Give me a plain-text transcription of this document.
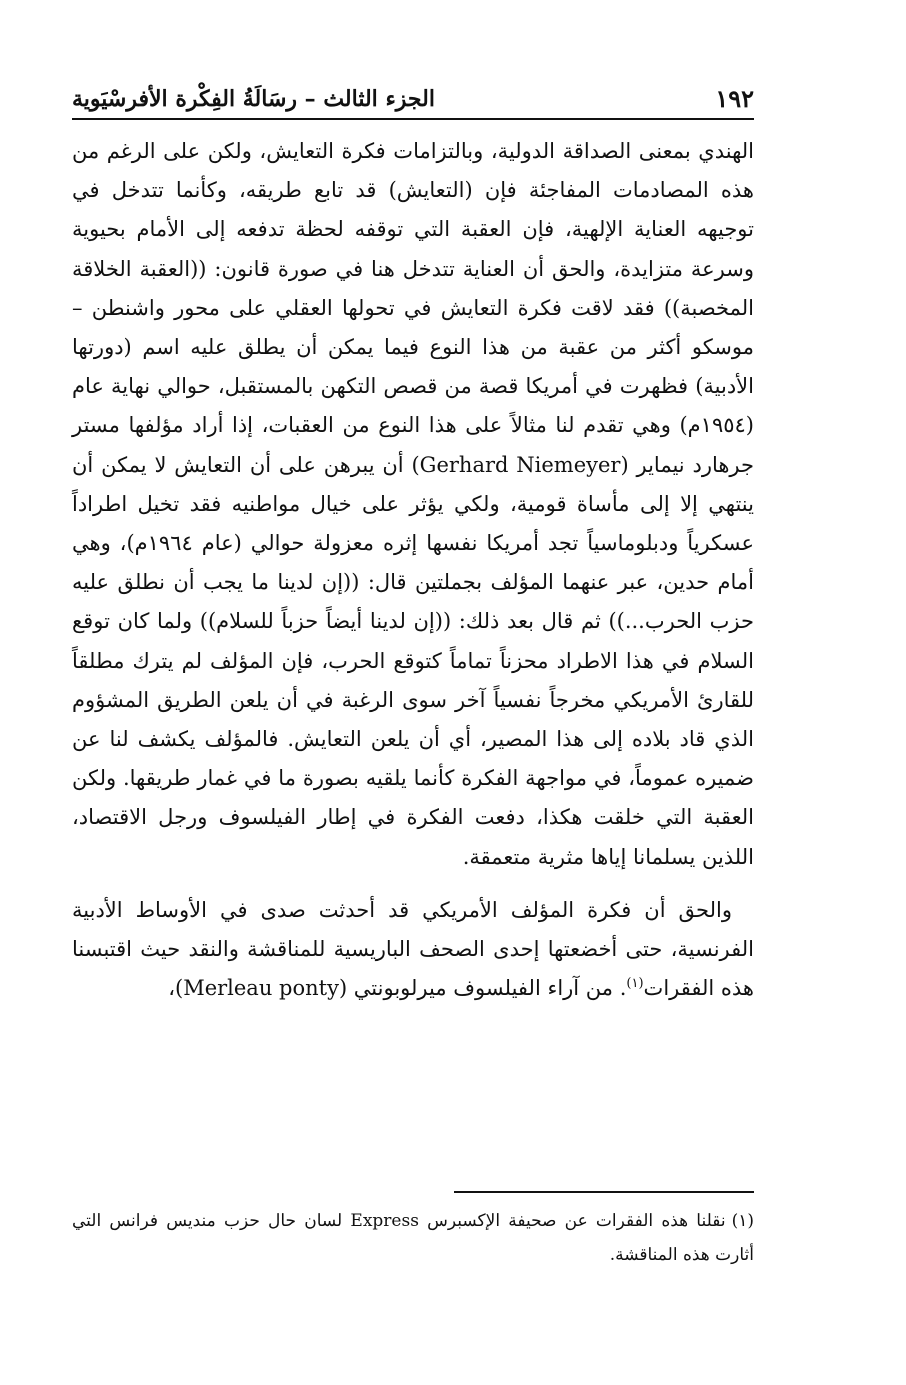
١٩٢
الجزء الثالث – رسَالَةُ الفِكْرة الأفرسْيَوية

الهندي بمعنى الصداقة الدولية، وبالتزامات فكرة التعايش، ولكن على الرغم من هذه المصادمات المفاجئة فإن (التعايش) قد تابع طريقه، وكأنما تتدخل في توجيهه العناية الإلهية، فإن العقبة التي توقفه لحظة تدفعه إلى الأمام بحيوية وسرعة متزايدة، والحق أن العناية تتدخل هنا في صورة قانون: ((العقبة الخلاقة المخصبة)) فقد لاقت فكرة التعايش في تحولها العقلي على محور واشنطن – موسكو أكثر من عقبة من هذا النوع فيما يمكن أن يطلق عليه اسم (دورتها الأدبية) فظهرت في أمريكا قصة من قصص التكهن بالمستقبل، حوالي نهاية عام (١٩٥٤م) وهي تقدم لنا مثالاً على هذا النوع من العقبات، إذا أراد مؤلفها مستر جرهارد نيماير (Gerhard Niemeyer) أن يبرهن على أن التعايش لا يمكن أن ينتهي إلا إلى مأساة قومية، ولكي يؤثر على خيال مواطنيه فقد تخيل اطراداً عسكرياً ودبلوماسياً تجد أمريكا نفسها إثره معزولة حوالي (عام ١٩٦٤م)، وهي أمام حدين، عبر عنهما المؤلف بجملتين قال: ((إن لدينا ما يجب أن نطلق عليه حزب الحرب...)) ثم قال بعد ذلك: ((إن لدينا أيضاً حزباً للسلام)) ولما كان توقع السلام في هذا الاطراد محزناً تماماً كتوقع الحرب، فإن المؤلف لم يترك مطلقاً للقارئ الأمريكي مخرجاً نفسياً آخر سوى الرغبة في أن يلعن الطريق المشؤوم الذي قاد بلاده إلى هذا المصير، أي أن يلعن التعايش. فالمؤلف يكشف لنا عن ضميره عموماً، في مواجهة الفكرة كأنما يلقيه بصورة ما في غمار طريقها. ولكن العقبة التي خلقت هكذا، دفعت الفكرة في إطار الفيلسوف ورجل الاقتصاد، اللذين يسلمانا إياها مثرية متعمقة.

والحق أن فكرة المؤلف الأمريكي قد أحدثت صدى في الأوساط الأدبية الفرنسية، حتى أخضعتها إحدى الصحف الباريسية للمناقشة والنقد حيث اقتبسنا هذه الفقرات$^{(١)}$. من آراء الفيلسوف ميرلوبونتي (Merleau ponty)،

(١)نقلنا هذه الفقرات عن صحيفة الإكسبرس Express لسان حال حزب منديس فرانس التي أثارت هذه المناقشة.
